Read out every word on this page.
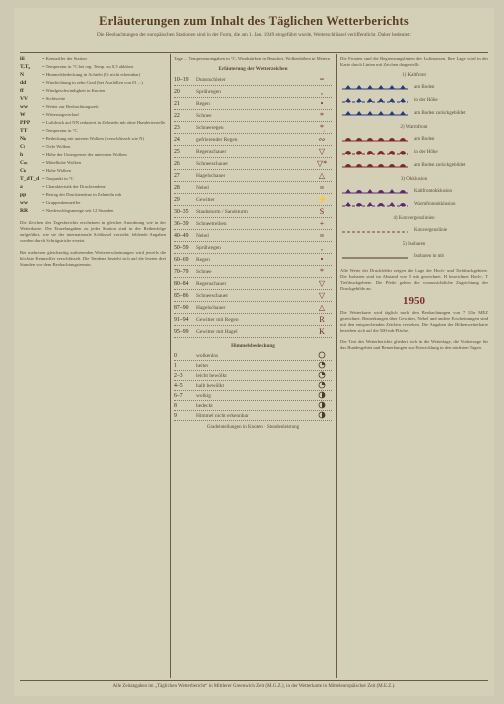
Erläuterungen zum Inhalt des Täglichen Wetterberichts
Die Beobachtungen der europäischen Stationen sind in der Form, die am 1. Jan. 1949 eingeführt wurde, Wetterschlüssel veröffentlicht. Daher bedeutet:
iii	= Kennziffer der Station
T,T₀	= Temperatur in °C bei org. Temp. zu 0,5 abklärst
N	= Himmelsbedeckung in Achteln (0: nicht erkennbar)
dd	= Windrichtung in zehn Grad (bei Ausfällen von 01 ...)
ff	= Windgeschwindigkeit in Knoten
VV	= Sichtweite
ww	= Wetter zur Beobachtungszeit
W	= Witterungsverlauf
PPP	= Luftdruck auf NN reduziert in Zehnteln mb ohne Hunderterstelle
TT	= Temperatur in °C
Nₕ	= Bedeckung mit unteren Wolken (verschlüsselt wie N)
Cₗ	= Tiefe Wolken
h	= Höhe der Untergrenze der untersten Wolken
Cₘ	= Mittelhohe Wolken
Cₕ	= Hohe Wolken
T_dT_d = Taupunkt in °C
a	= Charakteristik der Drucktendenz
pp	= Betrag der Drucktendenz in Zehnteln mb
ww	= Gruppenkennziffer
RR	= Niederschlagsmenge seit 12 Stunden
Die Zeichen des Tagesberichts erscheinen in gleicher Anordnung wie in der Wetterkarte. Die Einzelangaben zu jeder Station sind in der Reihenfolge aufgeführt, wie sie der internationale Schlüssel vorsieht; fehlende Angaben werden durch Schrägstriche ersetzt.
Bei mehreren gleichzeitig auftretenden Wettererscheinungen wird jeweils die höchste Kennziffer verschlüsselt. Die Tendenz bezieht sich auf die letzten drei Stunden vor dem Beobachtungstermin.
Tage ... Temperaturangaben in °C, Windstärken in Beaufort, Wolkenhöhen in Metern
Erläuterung der Wetterzeichen
10–19	Dunstschleier	=
20	Sprühregen	,
21	Regen	•
22	Schnee	*
23	Schneeregen	*̣
24	gefrierender Regen	∾
25	Regenschauer	▽
26	Schneeschauer	▽*
27	Hagelschauer	△
28	Nebel	≡
29	Gewitter	⚡
30–35	Staubsturm / Sandsturm	S
36–39	Schneetreiben	+
40–49	Nebel	≡
50–59	Sprühregen	,
60–69	Regen	•
70–79	Schnee	*
80–84	Regenschauer	▽
85–86	Schneeschauer	▽
87–90	Hagelschauer	△
91–94	Gewitter mit Regen	R
95–99	Gewitter mit Hagel	K
Himmelsbedeckung
0	wolkenlos
1	heiter
2–3	leicht bewölkt
4–5	halb bewölkt
6–7	wolkig
8	bedeckt
9	Himmel nicht erkennbar
Gradeinteilungen in Knoten · Stundenleistung
Die Fronten sind die Begrenzungslinien der Luftmassen. Ihre Lage wird in der Karte durch Linien mit Zeichen dargestellt:
1) Kaltfront
am Boden
in der Höhe
am Boden zurückgebildet
2) Warmfront
am Boden
in der Höhe
am Boden zurückgebildet
3) Okklusion
Kaltfrontokklusion
Warmfrontokklusion
4) Konvergenzlinien
Konvergenzlinie
5) Isobaren
Isobaren in mb
Alle Werte der Druckfelder zeigen die Lage der Hoch- und Tiefdruckgebiete. Die Isobaren sind im Abstand von 5 mb gezeichnet. H bezeichnet Hoch-, T Tiefdruckgebiete. Die Pfeile geben die voraussichtliche Zugrichtung der Druckgebilde an.
1950
Die Wetterkarte wird täglich nach den Beobachtungen von 7 Uhr MEZ gezeichnet. Bemerkungen über Gewitter, Nebel und andere Erscheinungen sind mit den entsprechenden Zeichen versehen. Die Angaben der Höhenwetterkarte beziehen sich auf die 500-mb-Fläche.
Der Text des Wetterberichts gliedert sich in die Wetterlage, die Vorhersage für das Bundesgebiet und Bemerkungen zur Entwicklung in den nächsten Tagen.
Alle Zeitangaben im „Täglichen Wetterbericht“ in Mittlerer Greenwich Zeit (M.G.Z.), in der Wetterkarte in Mitteleuropäischer Zeit (M.E.Z.).
